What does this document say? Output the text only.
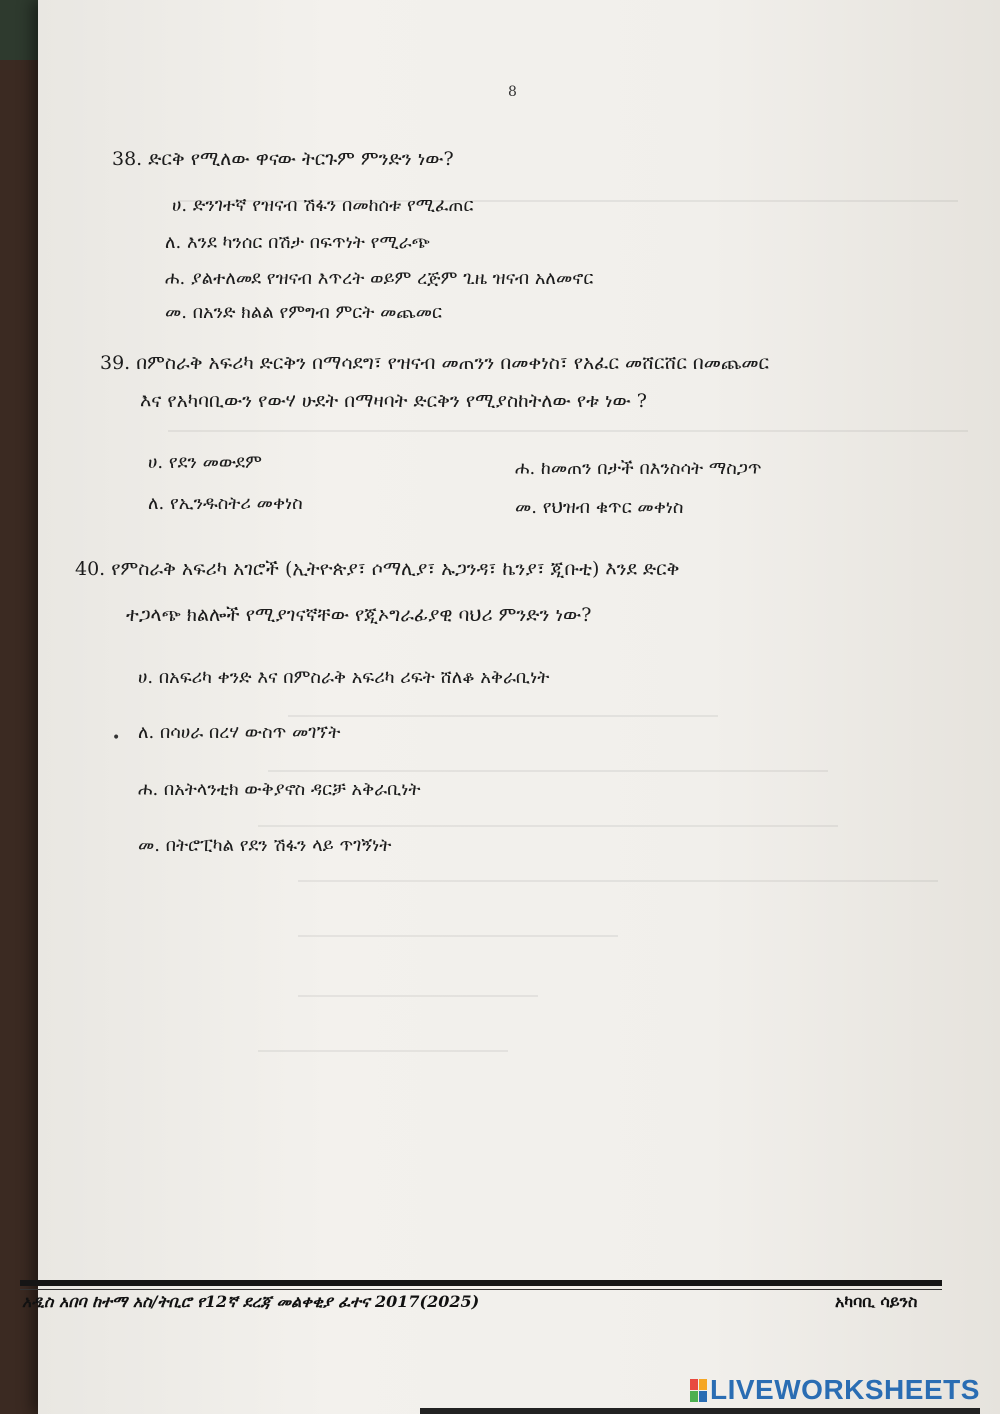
8
38. ድርቅ የሚለው ዋናው ትርጉም ምንድን ነው?
ሀ. ድንገተኛ የዝናብ ሽፋን በመከሰቱ የሚፈጠር
ለ. እንደ ካንሰር በሽታ በፍጥነት የሚራጭ
ሐ. ያልተለመደ የዝናብ እጥረት ወይም ረጅም ጊዜ ዝናብ አለመኖር
መ. በአንድ ክልል የምግብ ምርት መጨመር
39. በምስራቅ አፍሪካ ድርቅን በማሳደግ፣ የዝናብ መጠንን በመቀነስ፣ የአፈር መሸርሸር በመጨመር
እና የአካባቢውን የውሃ ሁደት በማዛባት ድርቅን የሚያስከትለው የቱ ነው ?
ሀ. የደን መውደም	ሐ. ከመጠን በታች በእንስሳት ማስጋጥ
ለ. የኢንዱስትሪ መቀነስ	መ. የህዝብ ቁጥር መቀነስ
40. የምስራቅ አፍሪካ አገሮች (ኢትዮጵያ፣ ሶማሊያ፣ ኡጋንዳ፣ ኬንያ፣ ጂቡቲ) እንደ ድርቅ
ተጋላጭ ክልሎች የሚያገናኛቸው የጂኦግራፊያዊ ባህሪ ምንድን ነው?
ሀ. በአፍሪካ ቀንድ እና በምስራቅ አፍሪካ ሪፍት ሸለቆ አቅራቢነት
• ለ. በሳሀራ በረሃ ውስጥ መገኘት
ሐ. በአትላንቲክ ውቅያኖስ ዳርቻ አቅራቢነት
መ. በትሮፒካል የደን ሽፋን ላይ ጥገኝነት
አዲስ አበባ ከተማ አስ/ትቢሮ የ12ኛ ደረጃ መልቀቂያ ፈተና 2017(2025)	አካባቢ ሳይንስ
LIVEWORKSHEETS
